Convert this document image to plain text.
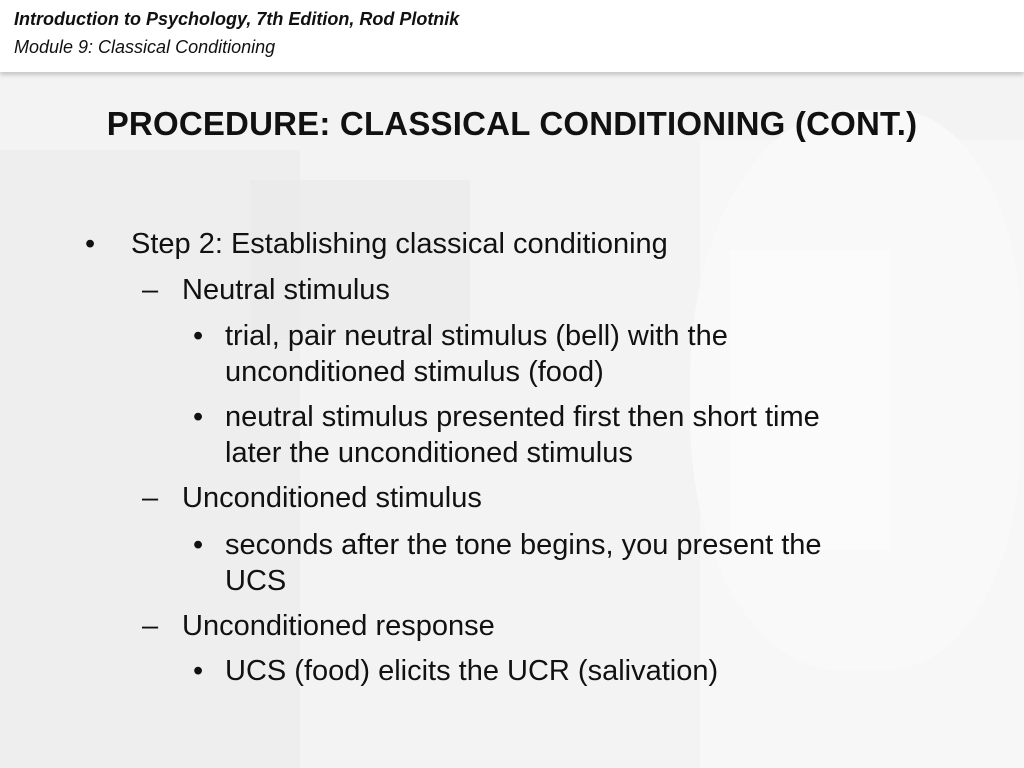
Introduction to Psychology, 7th Edition, Rod Plotnik
Module 9: Classical Conditioning
PROCEDURE: CLASSICAL CONDITIONING (CONT.)
• Step 2: Establishing classical conditioning
– Neutral stimulus
• trial, pair neutral stimulus (bell) with the
unconditioned stimulus (food)
• neutral stimulus presented first then short time
later the unconditioned stimulus
– Unconditioned stimulus
• seconds after the tone begins, you present the
UCS
– Unconditioned response
• UCS (food) elicits the UCR (salivation)
